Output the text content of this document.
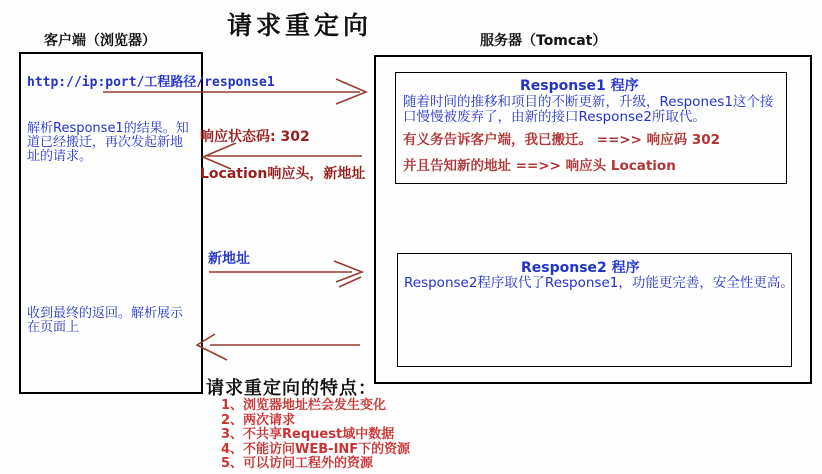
请求重定向
客户端（浏览器）	服务器（Tomcat）
http://ip:port/工程路径/response1
解析Response1的结果。知
道已经搬迁，再次发起新地
址的请求。
收到最终的返回。解析展示
在页面上
Response1 程序
随着时间的推移和项目的不断更新，升级，Respones1这个接
口慢慢被废弃了，由新的接口Response2所取代。
有义务告诉客户端，我已搬迁。 ==>> 响应码 302
并且告知新的地址 ==>> 响应头 Location
Response2 程序
Response2程序取代了Response1，功能更完善，安全性更高。
响应状态码: 302
Location响应头，新地址
新地址
请求重定向的特点：
1、浏览器地址栏会发生变化
2、两次请求
3、不共享Request域中数据
4、不能访问WEB-INF下的资源
5、可以访问工程外的资源
